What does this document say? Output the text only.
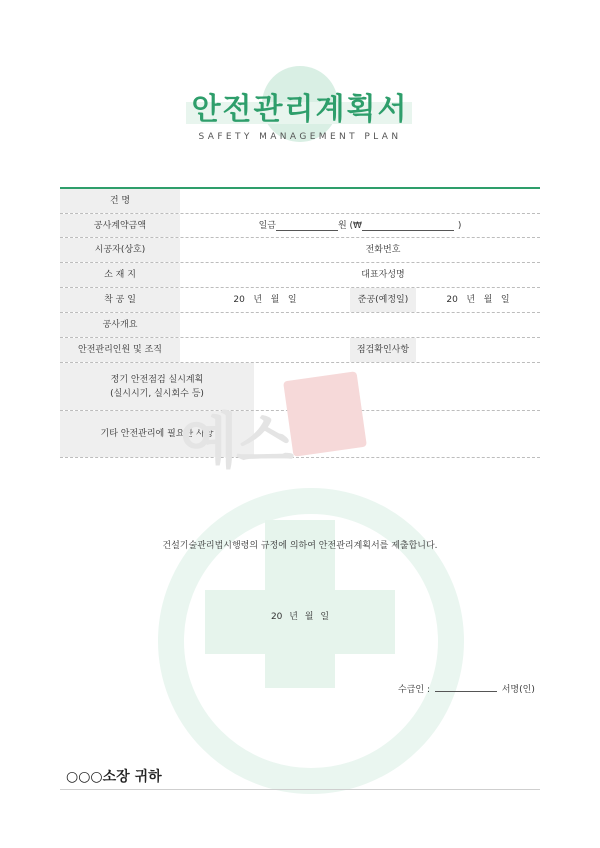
안전관리계획서
SAFETY MANAGEMENT PLAN
건 명
공사계약금액	일금	원 (₩	)
시공자(상호)	전화번호
소 재 지	대표자성명
착 공 일	20   년   월   일	준공(예정일)	20   년   월   일
공사개요
안전관리인원 및 조직	점검확인사항
정기 안전점검 실시계획
(실시시기, 실시회수 등)
기타 안전관리에 필요한 사항
예스
건설기술관리법시행령의 규정에 의하여 안전관리계획서를 제출합니다.
20 년 월 일
수급인 :	서명(인)
○○○소장 귀하
